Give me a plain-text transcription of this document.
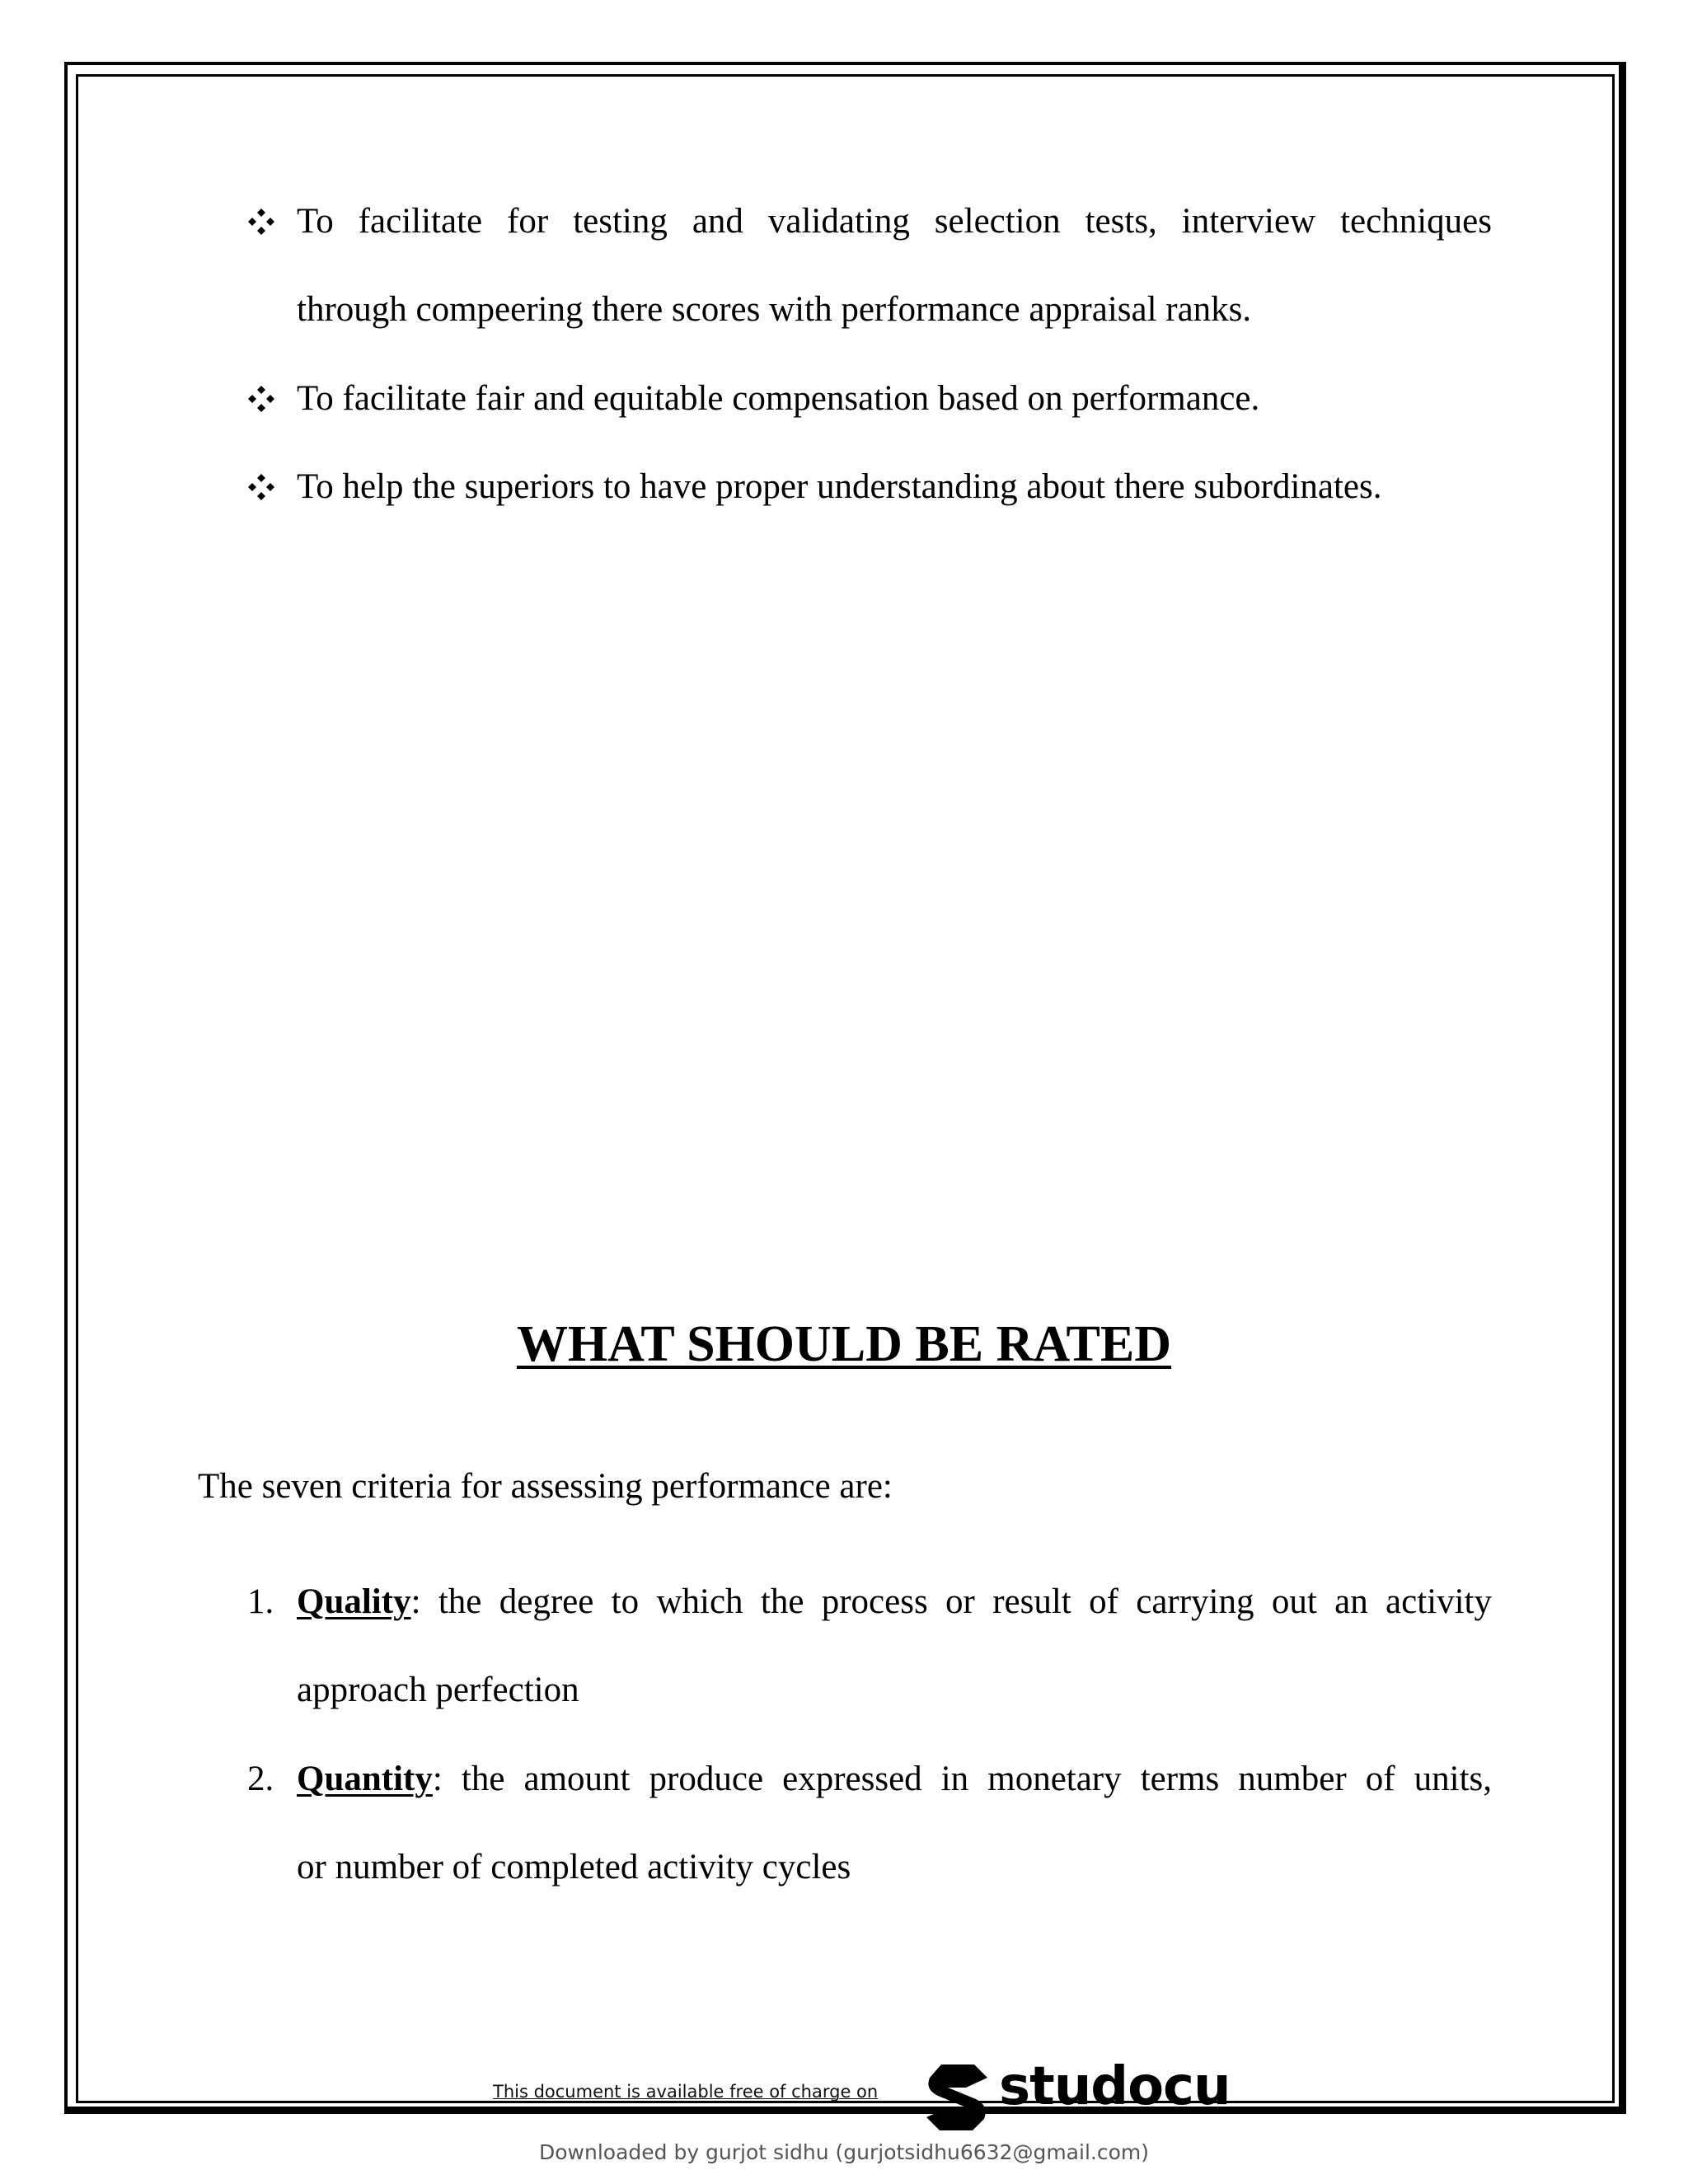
To facilitate for testing and validating selection tests, interview techniques
through compeering there scores with performance appraisal ranks.
To facilitate fair and equitable compensation based on performance.
To help the superiors to have proper understanding about there subordinates.
WHAT SHOULD BE RATED
The seven criteria for assessing performance are:
1. Quality: the degree to which the process or result of carrying out an activity
approach perfection
2. Quantity: the amount produce expressed in monetary terms number of units,
or number of completed activity cycles
This document is available free of charge on studocu
Downloaded by gurjot sidhu (gurjotsidhu6632@gmail.com)
